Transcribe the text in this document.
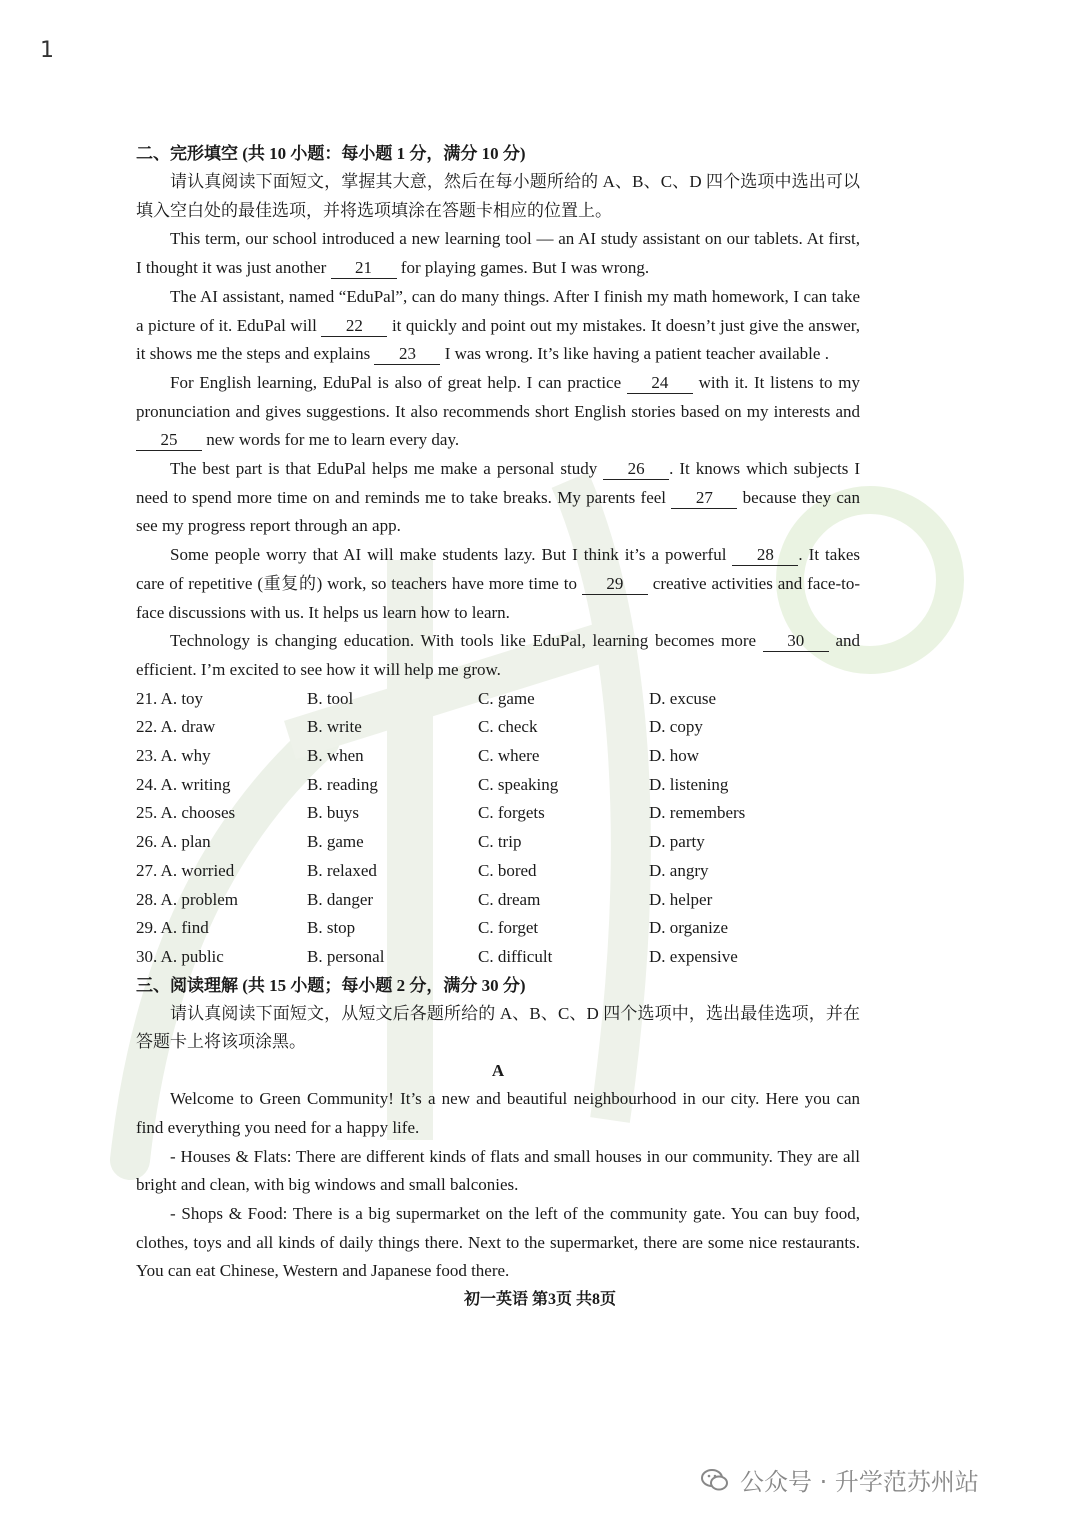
1
二、完形填空 (共 10 小题：每小题 1 分，满分 10 分)
请认真阅读下面短文，掌握其大意，然后在每小题所给的 A、B、C、D 四个选项中选出可以填入空白处的最佳选项，并将选项填涂在答题卡相应的位置上。
This term, our school introduced a new learning tool — an AI study assistant on our tablets. At first, I thought it was just another 21 for playing games. But I was wrong.
The AI assistant, named “EduPal”, can do many things. After I finish my math homework, I can take a picture of it. EduPal will 22 it quickly and point out my mistakes. It doesn’t just give the answer, it shows me the steps and explains 23 I was wrong. It’s like having a patient teacher available .
For English learning, EduPal is also of great help. I can practice 24 with it. It listens to my pronunciation and gives suggestions. It also recommends short English stories based on my interests and 25 new words for me to learn every day.
The best part is that EduPal helps me make a personal study 26 . It knows which subjects I need to spend more time on and reminds me to take breaks. My parents feel 27 because they can see my progress report through an app.
Some people worry that AI will make students lazy. But I think it’s a powerful 28 . It takes care of repetitive (重复的) work, so teachers have more time to 29 creative activities and face-to-face discussions with us. It helps us learn how to learn.
Technology is changing education. With tools like EduPal, learning becomes more 30 and efficient. I’m excited to see how it will help me grow.
21. A. toy	B. tool	C. game	D. excuse
22. A. draw	B. write	C. check	D. copy
23. A. why	B. when	C. where	D. how
24. A. writing	B. reading	C. speaking	D. listening
25. A. chooses	B. buys	C. forgets	D. remembers
26. A. plan	B. game	C. trip	D. party
27. A. worried	B. relaxed	C. bored	D. angry
28. A. problem	B. danger	C. dream	D. helper
29. A. find	B. stop	C. forget	D. organize
30. A. public	B. personal	C. difficult	D. expensive
三、阅读理解 (共 15 小题；每小题 2 分，满分 30 分)
请认真阅读下面短文，从短文后各题所给的 A、B、C、D 四个选项中，选出最佳选项，并在答题卡上将该项涂黑。
A
Welcome to Green Community! It’s a new and beautiful neighbourhood in our city. Here you can find everything you need for a happy life.
- Houses & Flats: There are different kinds of flats and small houses in our community. They are all bright and clean, with big windows and small balconies.
- Shops & Food: There is a big supermarket on the left of the community gate. You can buy food, clothes, toys and all kinds of daily things there. Next to the supermarket, there are some nice restaurants. You can eat Chinese, Western and Japanese food there.
初一英语 第3页 共8页
公众号 · 升学范苏州站
